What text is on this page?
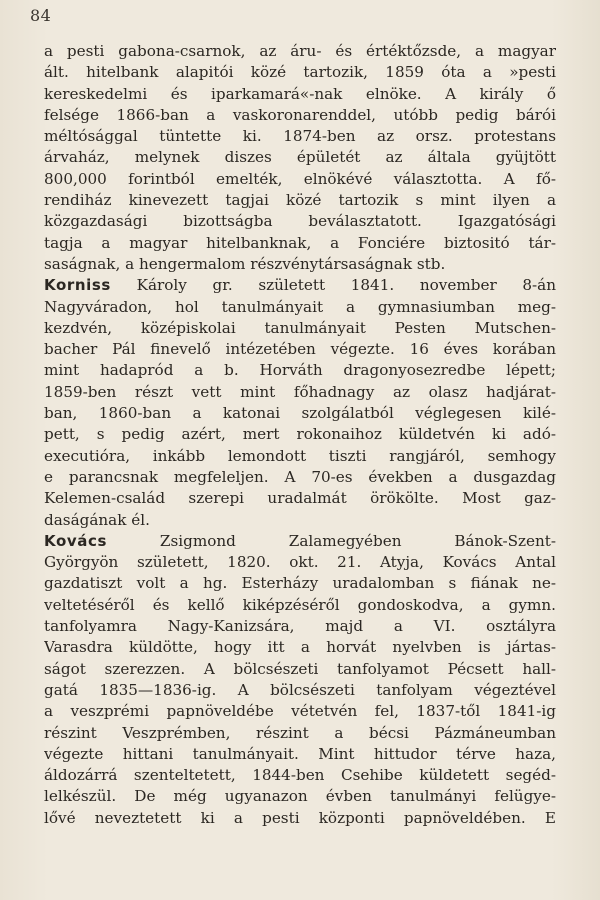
84
a pesti gabona-csarnok, az áru- és értéktőzsde, a magyar
ált. hitelbank alapitói közé tartozik, 1859 óta a »pesti
kereskedelmi és iparkamará«-nak elnöke. A király ő
felsége 1866-ban a vaskoronarenddel, utóbb pedig bárói
méltósággal tüntette ki. 1874-ben az orsz. protestans
árvaház, melynek diszes épületét az általa gyüjtött
800,000 forintból emelték, elnökévé választotta. A fő-
rendiház kinevezett tagjai közé tartozik s mint ilyen a
közgazdasági bizottságba beválasztatott. Igazgatósági
tagja a magyar hitelbanknak, a Fonciére biztositó tár-
saságnak, a hengermalom részvénytársaságnak stb.
Korniss Károly gr. született 1841. november 8-án
Nagyváradon, hol tanulmányait a gymnasiumban meg-
kezdvén, középiskolai tanulmányait Pesten Mutschen-
bacher Pál finevelő intézetében végezte. 16 éves korában
mint hadapród a b. Horváth dragonyosezredbe lépett;
1859-ben részt vett mint főhadnagy az olasz hadjárat-
ban, 1860-ban a katonai szolgálatból véglegesen kilé-
pett, s pedig azért, mert rokonaihoz küldetvén ki adó-
executióra, inkább lemondott tiszti rangjáról, semhogy
e parancsnak megfeleljen. A 70-es években a dusgazdag
Kelemen-család szerepi uradalmát örökölte. Most gaz-
daságának él.
Kovács	Zsigmond Zalamegyében Bánok-Szent-
Györgyön született, 1820. okt. 21. Atyja, Kovács Antal
gazdatiszt volt a hg. Esterházy uradalomban s fiának ne-
veltetéséről és kellő kiképzéséről gondoskodva, a gymn.
tanfolyamra Nagy-Kanizsára, majd a VI. osztályra
Varasdra küldötte, hogy itt a horvát nyelvben is jártas-
ságot szerezzen. A bölcsészeti tanfolyamot Pécsett hall-
gatá 1835—1836-ig. A bölcsészeti tanfolyam végeztével
a veszprémi papnöveldébe vétetvén fel, 1837-től 1841-ig
részint Veszprémben, részint a bécsi Pázmáneumban
végezte hittani tanulmányait. Mint hittudor térve haza,
áldozárrá szenteltetett, 1844-ben Csehibe küldetett segéd-
lelkészül. De még ugyanazon évben tanulmányi felügye-
lővé neveztetett ki a pesti központi papnöveldében. E
